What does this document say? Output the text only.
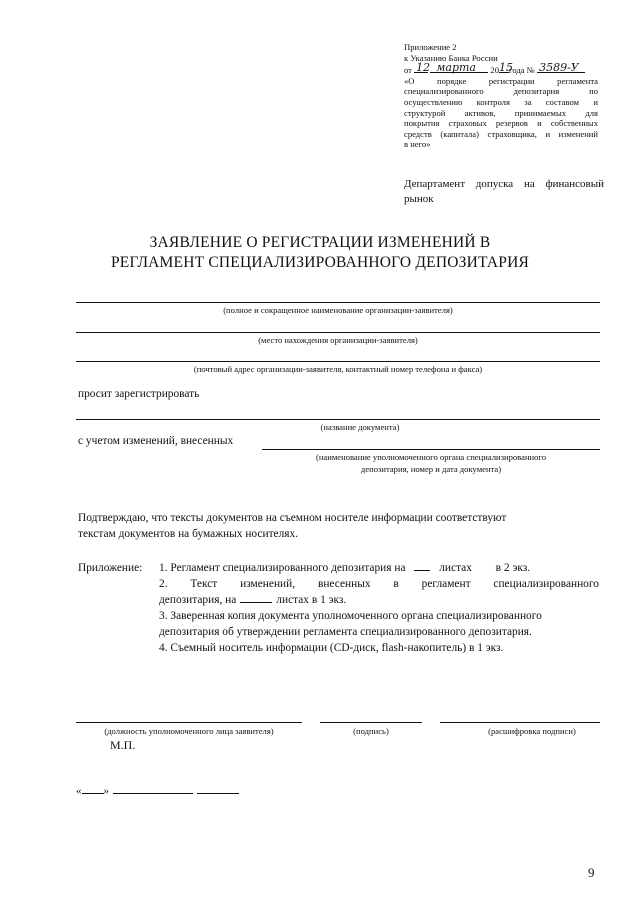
Приложение 2
к Указанию Банка России
от 12
марта 20 15
года № 3589-У
«О порядке регистрации регламента
специализированного депозитария по
осуществлению контроля за составом и
структурой активов, принимаемых для
покрытия страховых резервов и собственных
средств (капитала) страховщика, и изменений
в него»
Департамент допуска на финансовый
рынок
ЗАЯВЛЕНИЕ О РЕГИСТРАЦИИ ИЗМЕНЕНИЙ В
РЕГЛАМЕНТ СПЕЦИАЛИЗИРОВАННОГО ДЕПОЗИТАРИЯ
(полное и сокращенное наименование организации-заявителя)
(место нахождения организации-заявителя)
(почтовый адрес организации-заявителя, контактный номер телефона и факса)
просит зарегистрировать
(название документа)
с учетом изменений, внесенных
(наименование уполномоченного органа специализированного
депозитария, номер и дата документа)
Подтверждаю, что тексты документов на съемном носителе информации соответствуют
текстам документов на бумажных носителях.
Приложение: 1. Регламент специализированного депозитария на	листах в 2 экз.
2. Текст изменений, внесенных в регламент специализированного
депозитария, на	листах в 1 экз.
3. Заверенная копия документа уполномоченного органа специализированного
депозитария об утверждении регламента специализированного депозитария.
4. Съемный носитель информации (CD-диск, flash-накопитель) в 1 экз.
(должность уполномоченного лица заявителя)	(подпись)	(расшифровка подписи)
М.П.
« »
9
